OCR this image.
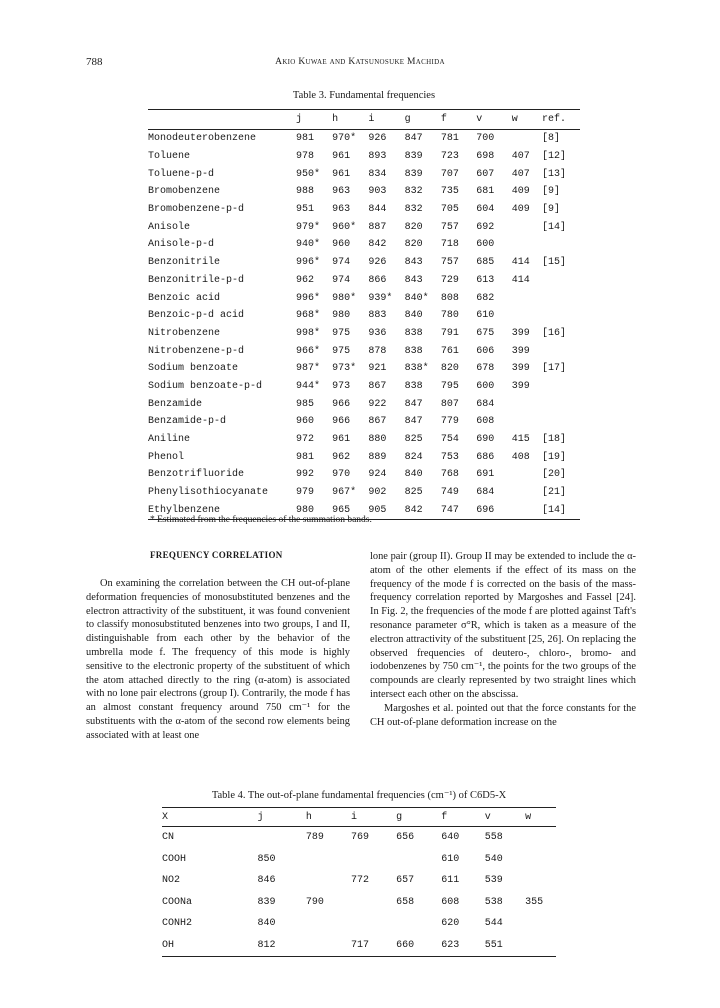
788	Akio Kuwae and Katsunosuke Machida
Table 3. Fundamental frequencies
	j	h	i	g	f	v	w	ref.
Monodeuterobenzene	981	970*	926	847	781	700		[8]
Toluene	978	961	893	839	723	698	407	[12]
Toluene-p-d	950*	961	834	839	707	607	407	[13]
Bromobenzene	988	963	903	832	735	681	409	[9]
Bromobenzene-p-d	951	963	844	832	705	604	409	[9]
Anisole	979*	960*	887	820	757	692		[14]
Anisole-p-d	940*	960	842	820	718	600		
Benzonitrile	996*	974	926	843	757	685	414	[15]
Benzonitrile-p-d	962	974	866	843	729	613	414	
Benzoic acid	996*	980*	939*	840*	808	682		
Benzoic-p-d acid	968*	980	883	840	780	610		
Nitrobenzene	998*	975	936	838	791	675	399	[16]
Nitrobenzene-p-d	966*	975	878	838	761	606	399	
Sodium benzoate	987*	973*	921	838*	820	678	399	[17]
Sodium benzoate-p-d	944*	973	867	838	795	600	399	
Benzamide	985	966	922	847	807	684		
Benzamide-p-d	960	966	867	847	779	608		
Aniline	972	961	880	825	754	690	415	[18]
Phenol	981	962	889	824	753	686	408	[19]
Benzotrifluoride	992	970	924	840	768	691		[20]
Phenylisothiocyanate	979	967*	902	825	749	684		[21]
Ethylbenzene	980	965	905	842	747	696		[14]
* Estimated from the frequencies of the summation bands.
FREQUENCY CORRELATION

On examining the correlation between the CH out-of-plane deformation frequencies of monosubstituted benzenes and the electron attractivity of the substituent, it was found convenient to classify monosubstituted benzenes into two groups, I and II, distinguishable from each other by the behavior of the umbrella mode f. The frequency of this mode is highly sensitive to the electronic property of the substituent of which the atom attached directly to the ring (α-atom) is associated with no lone pair electrons (group I). Contrarily, the mode f has an almost constant frequency around 750 cm⁻¹ for the substituents with the α-atom of the second row elements being associated with at least one

lone pair (group II). Group II may be extended to include the α-atom of the other elements if the effect of its mass on the frequency of the mode f is corrected on the basis of the mass-frequency correlation reported by Margoshes and Fassel [24]. In Fig. 2, the frequencies of the mode f are plotted against Taft's resonance parameter σ°R, which is taken as a measure of the electron attractivity of the substituent [25, 26]. On replacing the observed frequencies of deutero-, chloro-, bromo- and iodobenzenes by 750 cm⁻¹, the points for the two groups of the compounds are clearly represented by two straight lines which intersect each other on the abscissa.

Margoshes et al. pointed out that the force constants for the CH out-of-plane deformation increase on the

Table 4. The out-of-plane fundamental frequencies (cm⁻¹) of C6D5-X
X	j	h	i	g	f	v	w
CN		789	769	656	640	558	
COOH	850				610	540	
NO2	846		772	657	611	539	
COONa	839	790		658	608	538	355
CONH2	840				620	544	
OH	812		717	660	623	551	
